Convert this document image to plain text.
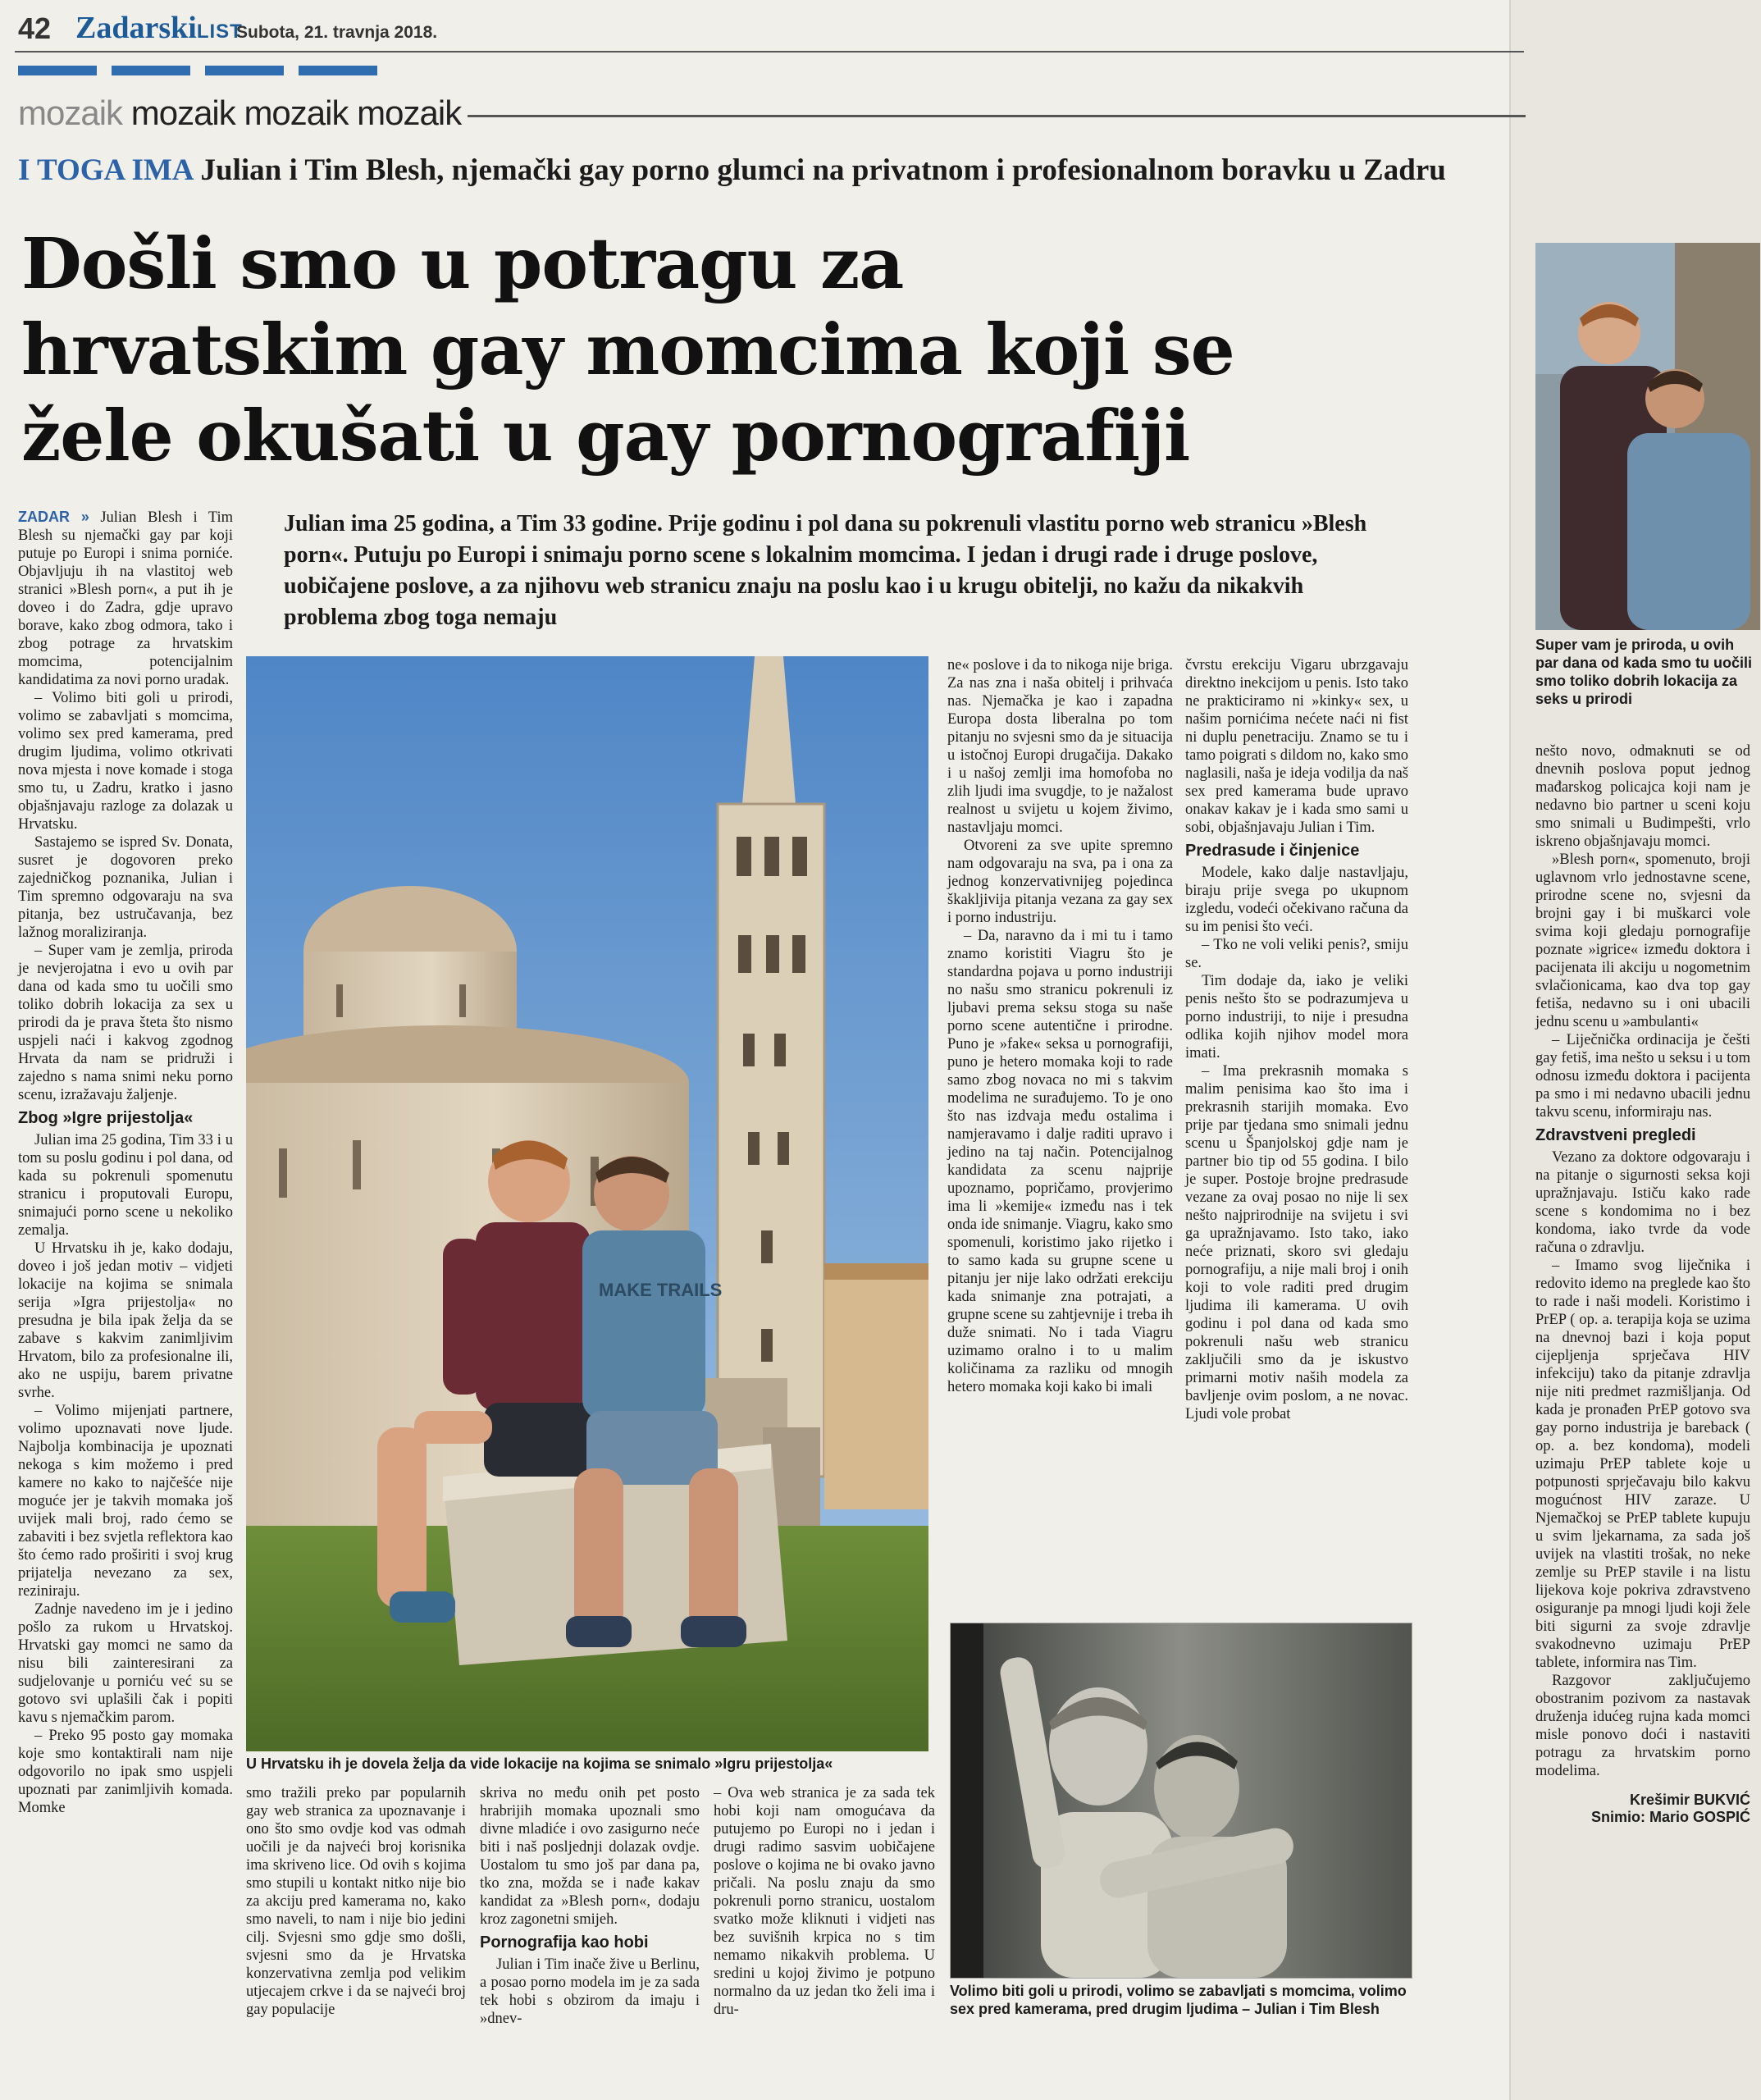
42 ZadarskiLIST
Subota, 21. travnja 2018.
mozaik mozaik mozaik mozaik
I TOGA IMA Julian i Tim Blesh, njemački gay porno glumci na privatnom i profesionalnom boravku u Zadru
Došli smo u potragu za
hrvatskim gay momcima koji se
žele okušati u gay pornografiji
Julian ima 25 godina, a Tim 33 godine. Prije godinu i pol dana su pokrenuli vlastitu porno web stranicu »Blesh porn«. Putuju po Europi i snimaju porno scene s lokalnim momcima. I jedan i drugi rade i druge poslove, uobičajene poslove, a za njihovu web stranicu znaju na poslu kao i u krugu obitelji, no kažu da nikakvih problema zbog toga nemaju

ZADAR » Julian Blesh i Tim Blesh su njemački gay par koji putuje po Europi i snima porniće. Objavljuju ih na vlastitoj web stranici »Blesh porn«, a put ih je doveo i do Zadra, gdje upravo borave, kako zbog odmora, tako i zbog potrage za hrvatskim momcima, potencijalnim kandidatima za novi porno uradak.

– Volimo biti goli u prirodi, volimo se zabavljati s momcima, volimo sex pred kamerama, pred drugim ljudima, volimo otkrivati nova mjesta i nove komade i stoga smo tu, u Zadru, kratko i jasno objašnjavaju razloge za dolazak u Hrvatsku.

Sastajemo se ispred Sv. Donata, susret je dogovoren preko zajedničkog poznanika, Julian i Tim spremno odgovaraju na sva pitanja, bez ustručavanja, bez lažnog moraliziranja.

– Super vam je zemlja, priroda je nevjerojatna i evo u ovih par dana od kada smo tu uočili smo toliko dobrih lokacija za sex u prirodi da je prava šteta što nismo uspjeli naći i kakvog zgodnog Hrvata da nam se pridruži i zajedno s nama snimi neku porno scenu, izražavaju žaljenje.

Zbog »Igre prijestolja«

Julian ima 25 godina, Tim 33 i u tom su poslu godinu i pol dana, od kada su pokrenuli spomenutu stranicu i proputovali Europu, snimajući porno scene u nekoliko zemalja.

U Hrvatsku ih je, kako dodaju, doveo i još jedan motiv – vidjeti lokacije na kojima se snimala serija »Igra prijestolja« no presudna je bila ipak želja da se zabave s kakvim zanimljivim Hrvatom, bilo za profesionalne ili, ako ne uspiju, barem privatne svrhe.

– Volimo mijenjati partnere, volimo upoznavati nove ljude. Najbolja kombinacija je upoznati nekoga s kim možemo i pred kamere no kako to najčešće nije moguće jer je takvih momaka još uvijek mali broj, rado ćemo se zabaviti i bez svjetla reflektora kao što ćemo rado proširiti i svoj krug prijatelja nevezano za sex, reziniraju.

Zadnje navedeno im je i jedino pošlo za rukom u Hrvatskoj. Hrvatski gay momci ne samo da nisu bili zainteresirani za sudjelovanje u porniću već su se gotovo svi uplašili čak i popiti kavu s njemačkim parom.

– Preko 95 posto gay momaka koje smo kontaktirali nam nije odgovorilo no ipak smo uspjeli upoznati par zanimljivih komada. Momke

MAKE TRAILS
U Hrvatsku ih je dovela želja da vide lokacije na kojima se snimalo »Igru prijestolja«

smo tražili preko par popularnih gay web stranica za upoznavanje i ono što smo ovdje kod vas odmah uočili je da najveći broj korisnika ima skriveno lice. Od ovih s kojima smo stupili u kontakt nitko nije bio za akciju pred kamerama no, kako smo naveli, to nam i nije bio jedini cilj. Svjesni smo gdje smo došli, svjesni smo da je Hrvatska konzervativna zemlja pod velikim utjecajem crkve i da se najveći broj gay populacije

skriva no među onih pet posto hrabrijih momaka upoznali smo divne mladiće i ovo zasigurno neće biti i naš posljednji dolazak ovdje. Uostalom tu smo još par dana pa, tko zna, možda se i nađe kakav kandidat za »Blesh porn«, dodaju kroz zagonetni smijeh.

Pornografija kao hobi

Julian i Tim inače žive u Berlinu, a posao porno modela im je za sada tek hobi s obzirom da imaju i »dnev-

ne« poslove i da to nikoga nije briga. Za nas zna i naša obitelj i prihvaća nas. Njemačka je kao i zapadna Europa dosta liberalna po tom pitanju no svjesni smo da je situacija u istočnoj Europi drugačija. Dakako i u našoj zemlji ima homofoba no zlih ljudi ima svugdje, to je nažalost realnost u svijetu u kojem živimo, nastavljaju momci.

Otvoreni za sve upite spremno nam odgovaraju na sva, pa i ona za jednog konzervativnijeg pojedinca škakljivija pitanja vezana za gay sex i porno industriju.

– Da, naravno da i mi tu i tamo znamo koristiti Viagru što je standardna pojava u porno industriji no našu smo stranicu pokrenuli iz ljubavi prema seksu stoga su naše porno scene autentične i prirodne. Puno je »fake« seksa u pornografiji, puno je hetero momaka koji to rade samo zbog novaca no mi s takvim modelima ne surađujemo. To je ono što nas izdvaja među ostalima i namjeravamo i dalje raditi upravo i jedino na taj način. Potencijalnog kandidata za scenu najprije upoznamo, popričamo, provjerimo ima li »kemije« između nas i tek onda ide snimanje. Viagru, kako smo spomenuli, koristimo jako rijetko i to samo kada su grupne scene u pitanju jer nije lako održati erekciju kada snimanje zna potrajati, a grupne scene su zahtjevnije i treba ih duže snimati. No i tada Viagru uzimamo oralno i to u malim količinama za razliku od mnogih hetero momaka koji kako bi imali

– Ova web stranica je za sada tek hobi koji nam omogućava da putujemo po Europi no i jedan i drugi radimo sasvim uobičajene poslove o kojima ne bi ovako javno pričali. Na poslu znaju da smo pokrenuli porno stranicu, uostalom svatko može kliknuti i vidjeti nas bez suvišnih krpica no s tim nemamo nikakvih problema. U sredini u kojoj živimo je potpuno normalno da uz jedan tko želi ima i dru-

čvrstu erekciju Vigaru ubrzgavaju direktno inekcijom u penis. Isto tako ne prakticiramo ni »kinky« sex, u našim pornićima nećete naći ni fist ni duplu penetraciju. Znamo se tu i tamo poigrati s dildom no, kako smo naglasili, naša je ideja vodilja da naš sex pred kamerama bude upravo onakav kakav je i kada smo sami u sobi, objašnjavaju Julian i Tim.

Predrasude i činjenice

Modele, kako dalje nastavljaju, biraju prije svega po ukupnom izgledu, vodeći očekivano računa da su im penisi što veći.

– Tko ne voli veliki penis?, smiju se.

Tim dodaje da, iako je veliki penis nešto što se podrazumjeva u porno industriji, to nije i presudna odlika kojih njihov model mora imati.

– Ima prekrasnih momaka s malim penisima kao što ima i prekrasnih starijih momaka. Evo prije par tjedana smo snimali jednu scenu u Španjolskoj gdje nam je partner bio tip od 55 godina. I bilo je super. Postoje brojne predrasude vezane za ovaj posao no nije li sex nešto najprirodnije na svijetu i svi ga upražnjavamo. Isto tako, iako neće priznati, skoro svi gledaju pornografiju, a nije mali broj i onih koji to vole raditi pred drugim ljudima ili kamerama. U ovih godinu i pol dana od kada smo pokrenuli našu web stranicu zaključili smo da je iskustvo primarni motiv naših modela za bavljenje ovim poslom, a ne novac. Ljudi vole probat

Volimo biti goli u prirodi, volimo se zabavljati s momcima, volimo sex pred kamerama, pred drugim ljudima – Julian i Tim Blesh
Super vam je priroda, u ovih par dana od kada smo tu uočili smo toliko dobrih lokacija za seks u prirodi

nešto novo, odmaknuti se od dnevnih poslova poput jednog mađarskog policajca koji nam je nedavno bio partner u sceni koju smo snimali u Budimpešti, vrlo iskreno objašnjavaju momci.

»Blesh porn«, spomenuto, broji uglavnom vrlo jednostavne scene, prirodne scene no, svjesni da brojni gay i bi muškarci vole svima koji gledaju pornografije poznate »igrice« između doktora i pacijenata ili akciju u nogometnim svlačionicama, kao dva top gay fetiša, nedavno su i oni ubacili jednu scenu u »ambulanti«

– Liječnička ordinacija je češti gay fetiš, ima nešto u seksu i u tom odnosu između doktora i pacijenta pa smo i mi nedavno ubacili jednu takvu scenu, informiraju nas.

Zdravstveni pregledi

Vezano za doktore odgovaraju i na pitanje o sigurnosti seksa koji upražnjavaju. Ističu kako rade scene s kondomima no i bez kondoma, iako tvrde da vode računa o zdravlju.

– Imamo svog liječnika i redovito idemo na preglede kao što to rade i naši modeli. Koristimo i PrEP ( op. a. terapija koja se uzima na dnevnoj bazi i koja poput cijepljenja sprječava HIV infekciju) tako da pitanje zdravlja nije niti predmet razmišljanja. Od kada je pronađen PrEP gotovo sva gay porno industrija je bareback ( op. a. bez kondoma), modeli uzimaju PrEP tablete koje u potpunosti sprječavaju bilo kakvu mogućnost HIV zaraze. U Njemačkoj se PrEP tablete kupuju u svim ljekarnama, za sada još uvijek na vlastiti trošak, no neke zemlje su PrEP stavile i na listu lijekova koje pokriva zdravstveno osiguranje pa mnogi ljudi koji žele biti sigurni za svoje zdravlje svakodnevno uzimaju PrEP tablete, informira nas Tim.

Razgovor zaključujemo obostranim pozivom za nastavak druženja idućeg rujna kada momci misle ponovo doći i nastaviti potragu za hrvatskim porno modelima.

Krešimir BUKVIĆ
Snimio: Mario GOSPIĆ
